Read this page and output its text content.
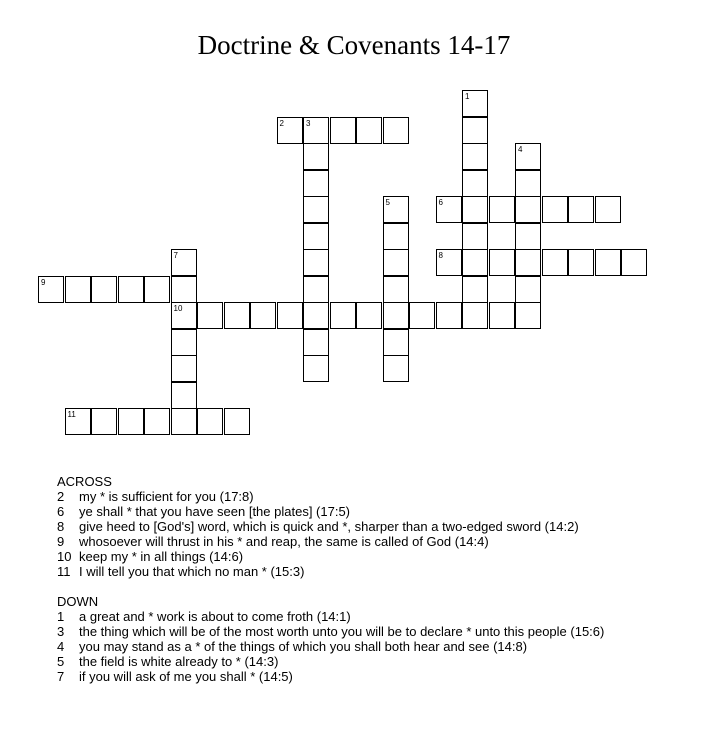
Doctrine & Covenants 14-17
1
2	3
4
5	6
7
10
8
9
11
ACROSS
2	my * is sufficient for you (17:8)
6	ye shall * that you have seen [the plates] (17:5)
8	give heed to [God's] word, which is quick and *, sharper than a two-edged sword (14:2)
9	whosoever will thrust in his * and reap, the same is called of God (14:4)
10 keep my * in all things (14:6)
11 I will tell you that which no man * (15:3)
DOWN
1	a great and * work is about to come froth (14:1)
3	the thing which will be of the most worth unto you will be to declare * unto this people (15:6)
4	you may stand as a * of the things of which you shall both hear and see (14:8)
5	the field is white already to * (14:3)
7	if you will ask of me you shall * (14:5)
